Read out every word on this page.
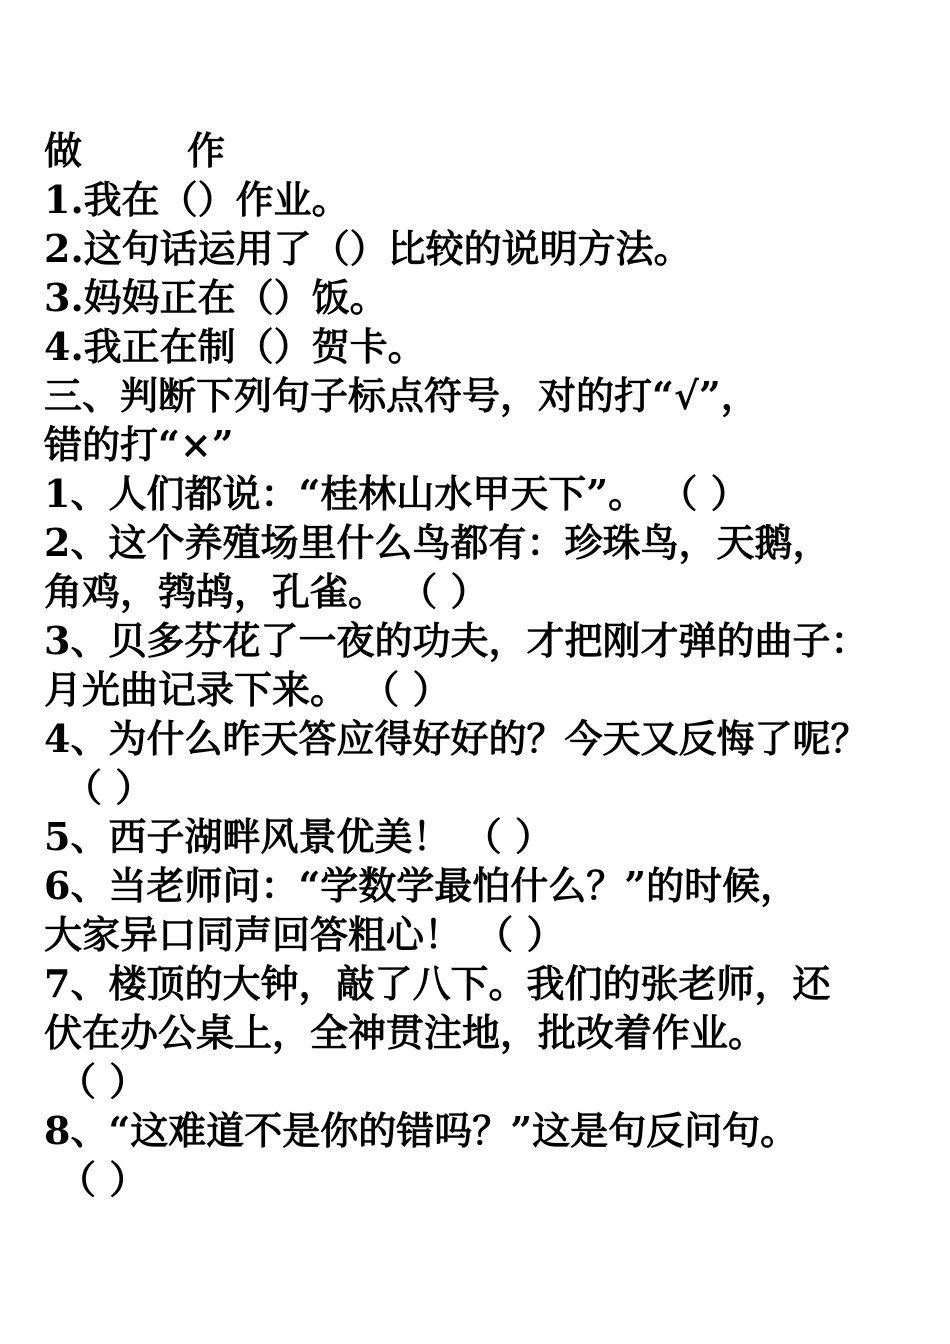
做	作
1.我在（）作业。
2.这句话运用了（）比较的说明方法。
3.妈妈正在（）饭。
4.我正在制（）贺卡。
三、判断下列句子标点符号，对的打“√”，
错的打“×”
1、人们都说：“桂林山水甲天下”。 （ ）
2、这个养殖场里什么鸟都有：珍珠鸟，天鹅，
角鸡，鹁鸪，孔雀。 （ ）
3、贝多芬花了一夜的功夫，才把刚才弹的曲子：
月光曲记录下来。 （ ）
4、为什么昨天答应得好好的？今天又反悔了呢？
（ ）
5、西子湖畔风景优美！ （ ）
6、当老师问：“学数学最怕什么？”的时候，
大家异口同声回答粗心！ （ ）
7、楼顶的大钟，敲了八下。我们的张老师，还
伏在办公桌上，全神贯注地，批改着作业。
（ ）
8、“这难道不是你的错吗？”这是句反问句。
（ ）
